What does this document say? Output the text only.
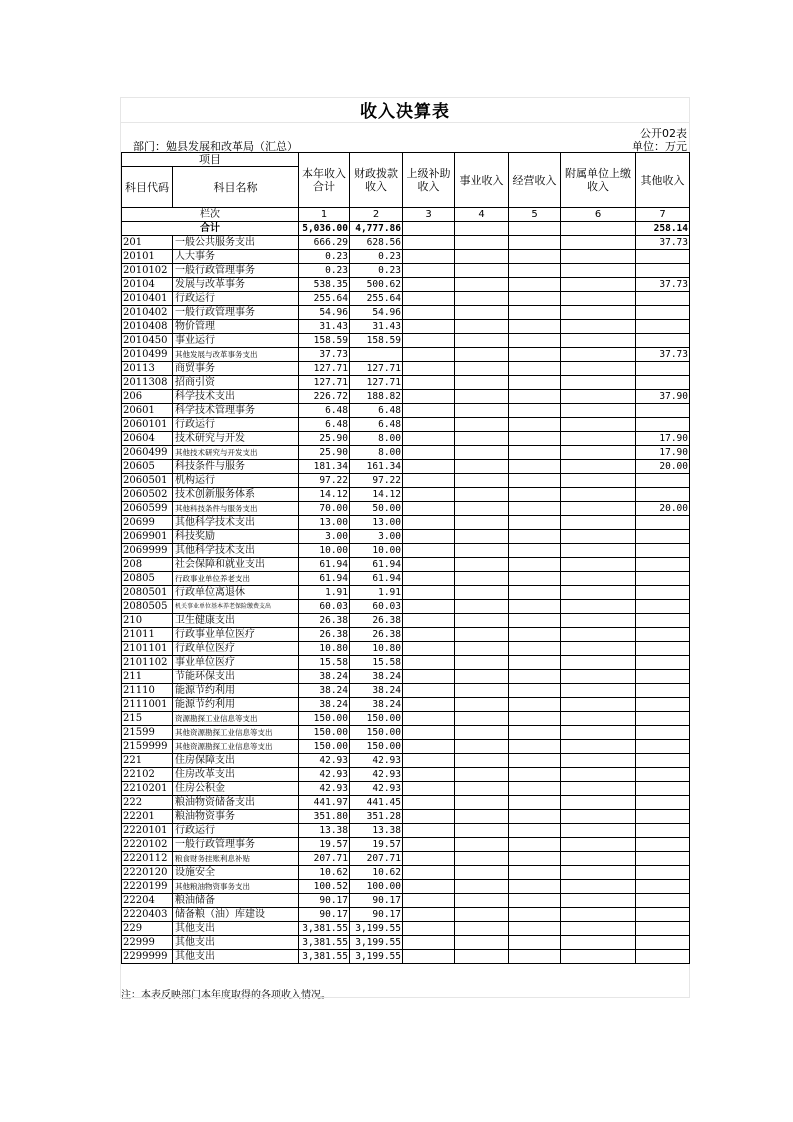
收入决算表
公开02表
部门：勉县发展和改革局（汇总）	单位：万元
项目		本年收入合计	财政拨款收入	上级补助收入	事业收入	经营收入	附属单位上缴收入	其他收入
科目代码	科目名称							
栏次		1	2	3	4	5	6	7
合计		5,036.00	4,777.86					258.14
201	一般公共服务支出	666.29	628.56					37.73
20101	人大事务	0.23	0.23					
2010102	一般行政管理事务	0.23	0.23					
20104	发展与改革事务	538.35	500.62					37.73
2010401	行政运行	255.64	255.64					
2010402	一般行政管理事务	54.96	54.96					
2010408	物价管理	31.43	31.43					
2010450	事业运行	158.59	158.59					
2010499	其他发展与改革事务支出	37.73						37.73
20113	商贸事务	127.71	127.71					
2011308	招商引资	127.71	127.71					
206	科学技术支出	226.72	188.82					37.90
20601	科学技术管理事务	6.48	6.48					
2060101	行政运行	6.48	6.48					
20604	技术研究与开发	25.90	8.00					17.90
2060499	其他技术研究与开发支出	25.90	8.00					17.90
20605	科技条件与服务	181.34	161.34					20.00
2060501	机构运行	97.22	97.22					
2060502	技术创新服务体系	14.12	14.12					
2060599	其他科技条件与服务支出	70.00	50.00					20.00
20699	其他科学技术支出	13.00	13.00					
2069901	科技奖励	3.00	3.00					
2069999	其他科学技术支出	10.00	10.00					
208	社会保障和就业支出	61.94	61.94					
20805	行政事业单位养老支出	61.94	61.94					
2080501	行政单位离退休	1.91	1.91					
2080505	机关事业单位基本养老保险缴费支出	60.03	60.03					
210	卫生健康支出	26.38	26.38					
21011	行政事业单位医疗	26.38	26.38					
2101101	行政单位医疗	10.80	10.80					
2101102	事业单位医疗	15.58	15.58					
211	节能环保支出	38.24	38.24					
21110	能源节约利用	38.24	38.24					
2111001	能源节约利用	38.24	38.24					
215	资源勘探工业信息等支出	150.00	150.00					
21599	其他资源勘探工业信息等支出	150.00	150.00					
2159999	其他资源勘探工业信息等支出	150.00	150.00					
221	住房保障支出	42.93	42.93					
22102	住房改革支出	42.93	42.93					
2210201	住房公积金	42.93	42.93					
222	粮油物资储备支出	441.97	441.45					
22201	粮油物资事务	351.80	351.28					
2220101	行政运行	13.38	13.38					
2220102	一般行政管理事务	19.57	19.57					
2220112	粮食财务挂账利息补贴	207.71	207.71					
2220120	设施安全	10.62	10.62					
2220199	其他粮油物资事务支出	100.52	100.00					
22204	粮油储备	90.17	90.17					
2220403	储备粮（油）库建设	90.17	90.17					
229	其他支出	3,381.55	3,199.55					
22999	其他支出	3,381.55	3,199.55					
2299999	其他支出	3,381.55	3,199.55					
注：本表反映部门本年度取得的各项收入情况。
